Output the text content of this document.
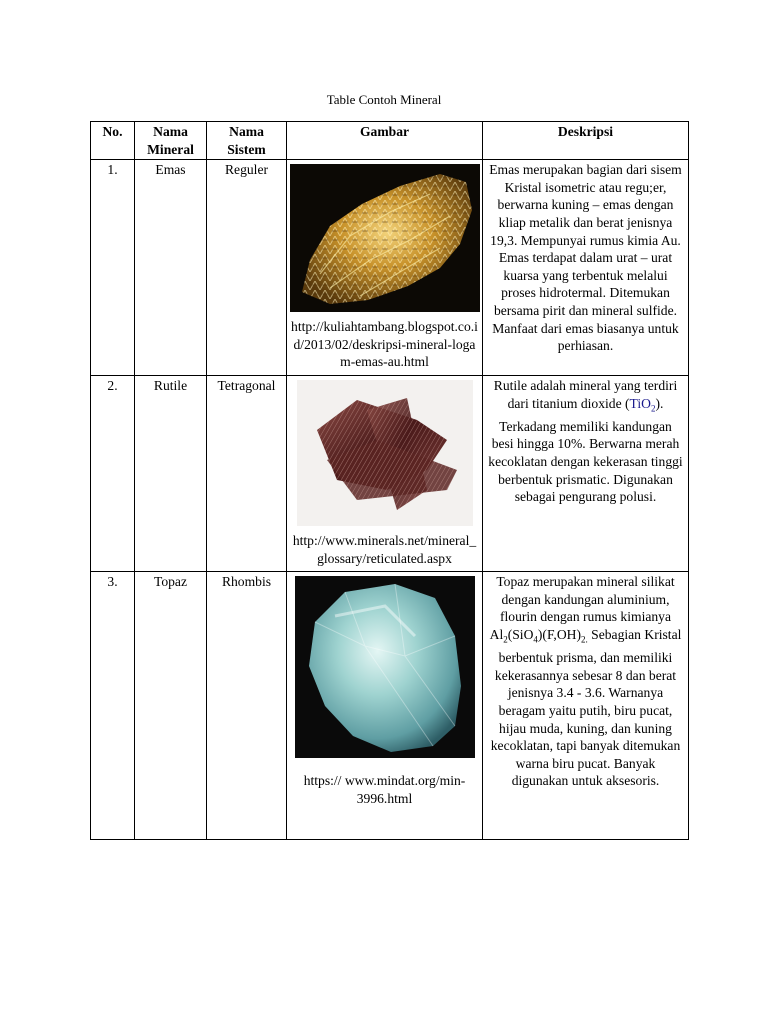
Table Contoh Mineral
No.	Nama Mineral	Nama Sistem	Gambar	Deskripsi
1.	Emas	Reguler	http://kuliahtambang.blogspot.co.id/2013/02/deskripsi-mineral-logam-emas-au.html	Emas merupakan bagian dari sisem Kristal isometric atau regu;er, berwarna kuning – emas dengan kliap metalik dan berat jenisnya 19,3. Mempunyai rumus kimia Au. Emas terdapat dalam urat – urat kuarsa yang terbentuk melalui proses hidrotermal. Ditemukan bersama pirit dan mineral sulfide. Manfaat dari emas biasanya untuk perhiasan.
2.	Rutile	Tetragonal	http://www.minerals.net/mineral_glossary/reticulated.aspx	Rutile adalah mineral yang terdiri dari titanium dioxide (TiO$_2$). Terkadang memiliki kandungan besi hingga 10%. Berwarna merah kecoklatan dengan kekerasan tinggi berbentuk prismatic. Digunakan sebagai pengurang polusi.
3.	Topaz	Rhombis	https:// www.mindat.org/min-3996.html	Topaz merupakan mineral silikat dengan kandungan aluminium, flourin dengan rumus kimianya $Al_2(SiO_4)(F,OH)_{2.}$ Sebagian Kristal berbentuk prisma, dan memiliki kekerasannya sebesar 8 dan berat jenisnya 3.4 - 3.6. Warnanya beragam yaitu putih, biru pucat, hijau muda, kuning, dan kuning kecoklatan, tapi banyak ditemukan warna biru pucat. Banyak digunakan untuk aksesoris.
